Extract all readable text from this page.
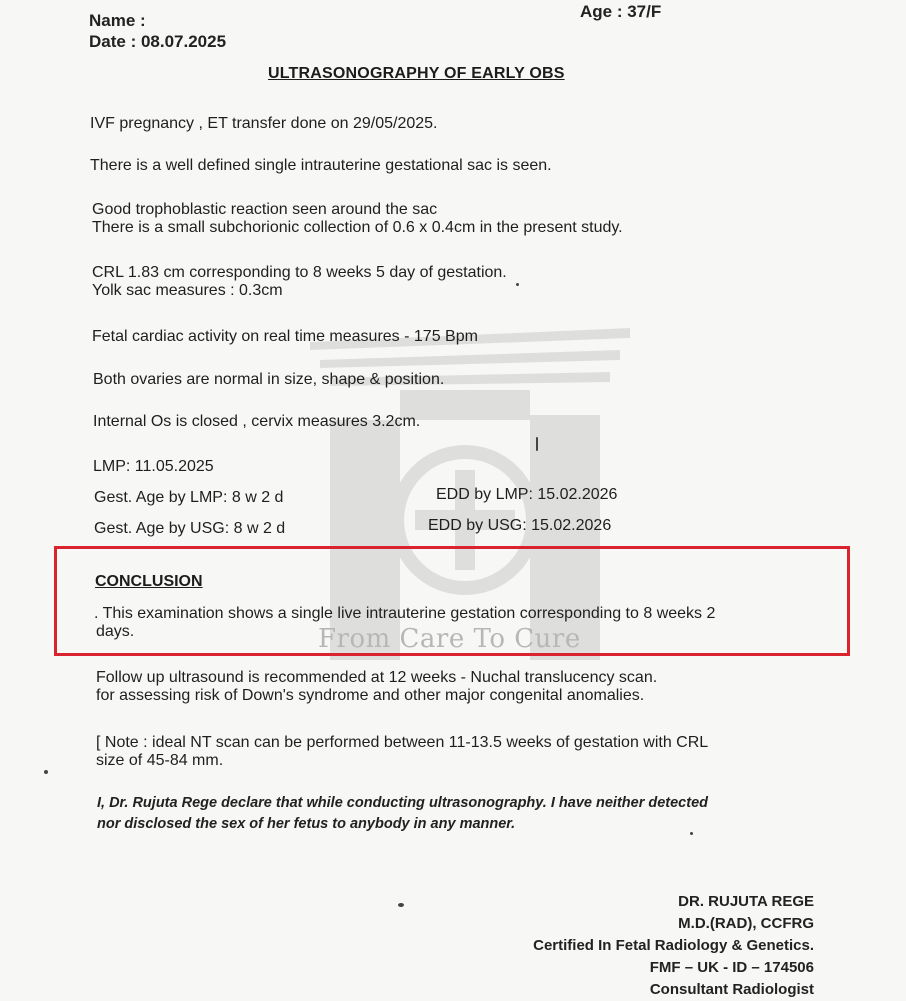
From Care To Cure
Name :
Date : 08.07.2025
Age : 37/F
ULTRASONOGRAPHY OF EARLY OBS
IVF pregnancy , ET transfer done on 29/05/2025.
There is a well defined single intrauterine gestational sac is seen.
Good trophoblastic reaction seen around the sac
There is a small subchorionic collection of 0.6 x 0.4cm in the present study.
CRL 1.83 cm corresponding to 8 weeks 5 day of gestation.
Yolk sac measures : 0.3cm
Fetal cardiac activity on real time measures - 175 Bpm
Both ovaries are normal in size, shape & position.
Internal Os is closed , cervix measures 3.2cm.
LMP: 11.05.2025
Gest. Age by LMP: 8 w 2 d	EDD by LMP: 15.02.2026
Gest. Age by USG: 8 w 2 d	EDD by USG: 15.02.2026
CONCLUSION
. This examination shows a single live intrauterine gestation corresponding to 8 weeks 2
days.
Follow up ultrasound is recommended at 12 weeks - Nuchal translucency scan.
for assessing risk of Down's syndrome and other major congenital anomalies.
[ Note : ideal NT scan can be performed between 11-13.5 weeks of gestation with CRL
size of 45-84 mm.
I, Dr. Rujuta Rege declare that while conducting ultrasonography. I have neither detected
nor disclosed the sex of her fetus to anybody in any manner.
DR. RUJUTA REGE
M.D.(RAD), CCFRG
Certified In Fetal Radiology & Genetics.
FMF – UK - ID – 174506
Consultant Radiologist
